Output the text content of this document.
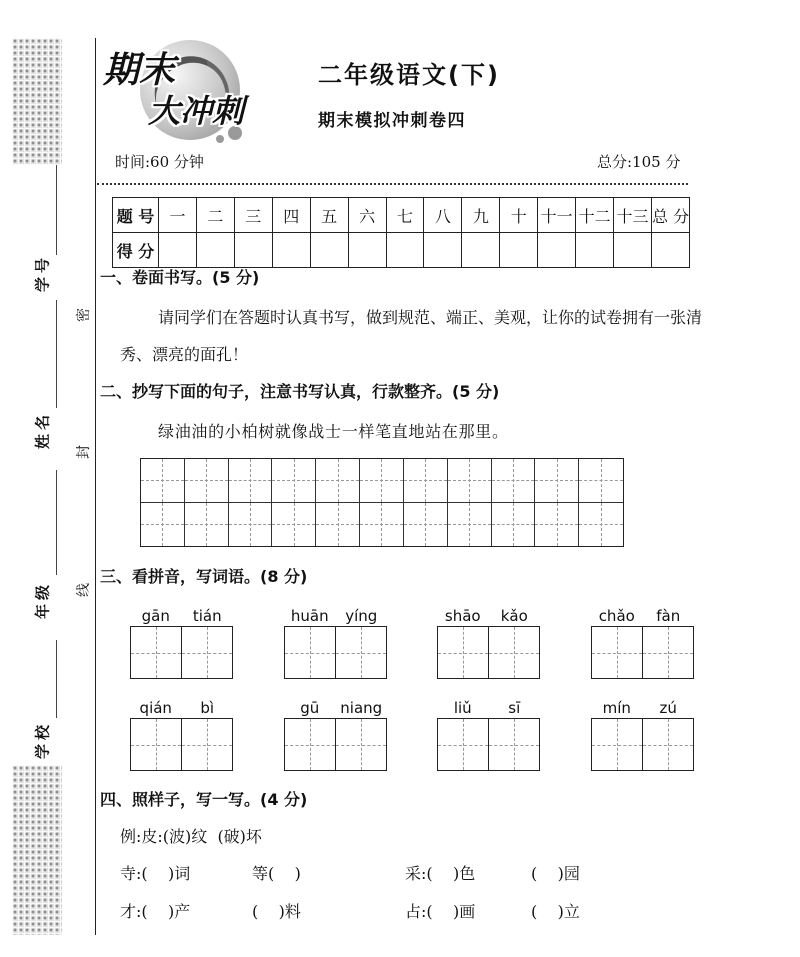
学号
姓名
年级
学校
密
封
线
期末
大冲刺
二年级语文(下)
期末模拟冲刺卷四
时间:60 分钟	总分:105 分
题 号	一	二	三	四	五	六	七	八	九	十	十一	十二	十三	总 分
得 分														
一、卷面书写。(5 分)
请同学们在答题时认真书写，做到规范、端正、美观，让你的试卷拥有一张清
秀、漂亮的面孔！
二、抄写下面的句子，注意书写认真，行款整齐。(5 分)
绿油油的小柏树就像战士一样笔直地站在那里。
三、看拼音，写词语。(8 分)
gān	tián	huān	yíng	shāo	kǎo	chǎo	fàn
qián	bì	gū	niang	liǔ	sī	mín	zú
四、照样子，写一写。(4 分)
例:皮:(波)纹  (破)坏
寺:(    )词	等(    )	采:(    )色	(    )园
才:(    )产	(    )料	占:(    )画	(    )立
